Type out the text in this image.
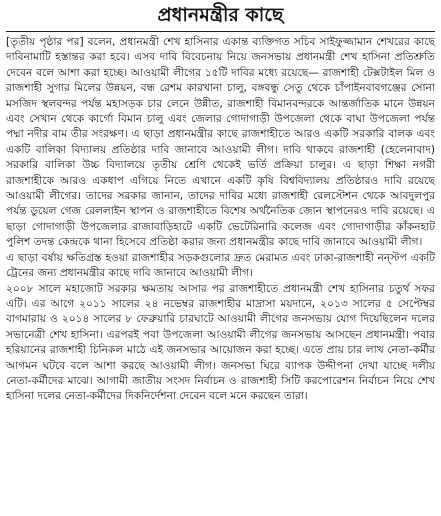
প্রধানমন্ত্রীর কাছে

[তৃতীয় পৃষ্ঠার পর] বলেন, প্রধানমন্ত্রী শেখ হাসিনার একান্ত ব্যক্তিগত সচিব সাইফুজ্জামান শেখরের কাছে দাবিনামাটি হস্তান্তর করা হবে। এসব দাবি বিবেচনায় নিয়ে জনসভায় প্রধানমন্ত্রী শেখ হাসিনা প্রতিশ্রুতি দেবেন বলে আশা করা হচ্ছে। আওয়ামী লীগের ১৫টি দাবির মধ্যে রয়েছে— রাজশাহী টেক্সটাইল মিল ও রাজশাহী সুগার মিলের উন্নয়ন, বন্ধ রেশম কারখানা চালু, বঙ্গবন্ধু সেতু থেকে চাঁপাইনবাবগঞ্জের সোনা মসজিদ স্থলবন্দর পর্যন্ত মহাসড়ক চার লেনে উন্নীত, রাজশাহী বিমানবন্দরকে আন্তর্জাতিক মানে উন্নয়ন এবং সেখান থেকে কার্গো বিমান চালু এবং জেলার গোদাগাড়ী উপজেলা থেকে বাঘা উপজেলা পর্যন্ত পদ্মা নদীর বাম তীর সংরক্ষণ। এ ছাড়া প্রধানমন্ত্রীর কাছে রাজশাহীতে আরও একটি সরকারি বালক এবং একটি বালিকা বিদ্যালয় প্রতিষ্ঠার দাবি জানাবে আওয়ামী লীগ। দাবি থাকবে রাজশাহী (হেলেনাবাদ) সরকারি বালিকা উচ্চ বিদ্যালয়ে তৃতীয় শ্রেণি থেকেই ভর্তি প্রক্রিয়া চালুর। এ ছাড়া শিক্ষা নগরী রাজশাহীকে আরও একধাপ এগিয়ে নিতে এখানে একটি কৃষি বিশ্ববিদ্যালয় প্রতিষ্ঠারও দাবি রয়েছে আওয়ামী লীগের। তাদের সরকার জানান, তাদের দাবির মধ্যে রাজশাহী রেলস্টেশন থেকে আবদুলপুর পর্যন্ত ডুয়েল গেজ রেললাইন স্থাপন ও রাজশাহীতে বিশেষ অর্থনৈতিক জোন স্থাপনেরও দাবি রয়েছে। এ ছাড়া গোদাগাড়ী উপজেলার রাজাবাড়িহাটে একটি ভেটেরিনারি কলেজ এবং গোদাগাড়ীর কাঁকনহাট পুলিশ তদন্ত কেন্দ্রকে থানা হিসেবে প্রতিষ্ঠা করার জন্য প্রধানমন্ত্রীর কাছে দাবি জানাবে আওয়ামী লীগ।

এ ছাড়া বর্ষায় ক্ষতিগ্রস্ত হওয়া রাজশাহীর সড়কগুলোর দ্রুত মেরামত এবং ঢাকা-রাজশাহী নন্স্টপ একটি ট্রেনের জন্য প্রধানমন্ত্রীর কাছে দাবি জানাবে আওয়ামী লীগ।

২০০৮ সালে মহাজোট সরকার ক্ষমতায় আসার পর রাজশাহীতে প্রধানমন্ত্রী শেখ হাসিনার চতুর্থ সফর এটি। এর আগে ২০১১ সালের ২৪ নভেম্বর রাজশাহীর মাদ্রাসা ময়দানে, ২০১৩ সালের ৫ সেপ্টেম্বর বাগমারায় ও ২০১৪ সালের ৮ ফেব্রুয়ারি চারঘাটে আওয়ামী লীগের জনসভায় যোগ দিয়েছিলেন দলের সভানেত্রী শেখ হাসিনা। এরপরই পবা উপজেলা আওয়ামী লীগের জনসভায় আসছেন প্রধানমন্ত্রী। পবার হরিয়ানের রাজশাহী চিনিকল মাঠে এই জনসভার আয়োজন করা হচ্ছে। এতে প্রায় চার লাখ নেতা-কর্মীর আগমন ঘটবে বলে আশা করছে আওয়ামী লীগ। জনসভা ঘিরে ব্যাপক উদ্দীপনা দেখা যাচ্ছে দলীয় নেতা-কর্মীদের মাঝে। আগামী জাতীয় সংসদ নির্বাচন ও রাজশাহী সিটি করপোরেশন নির্বাচন নিয়ে শেখ হাসিনা দলের নেতা-কর্মীদের দিকনির্দেশনা দেবেন বলে মনে করছেন তারা।
